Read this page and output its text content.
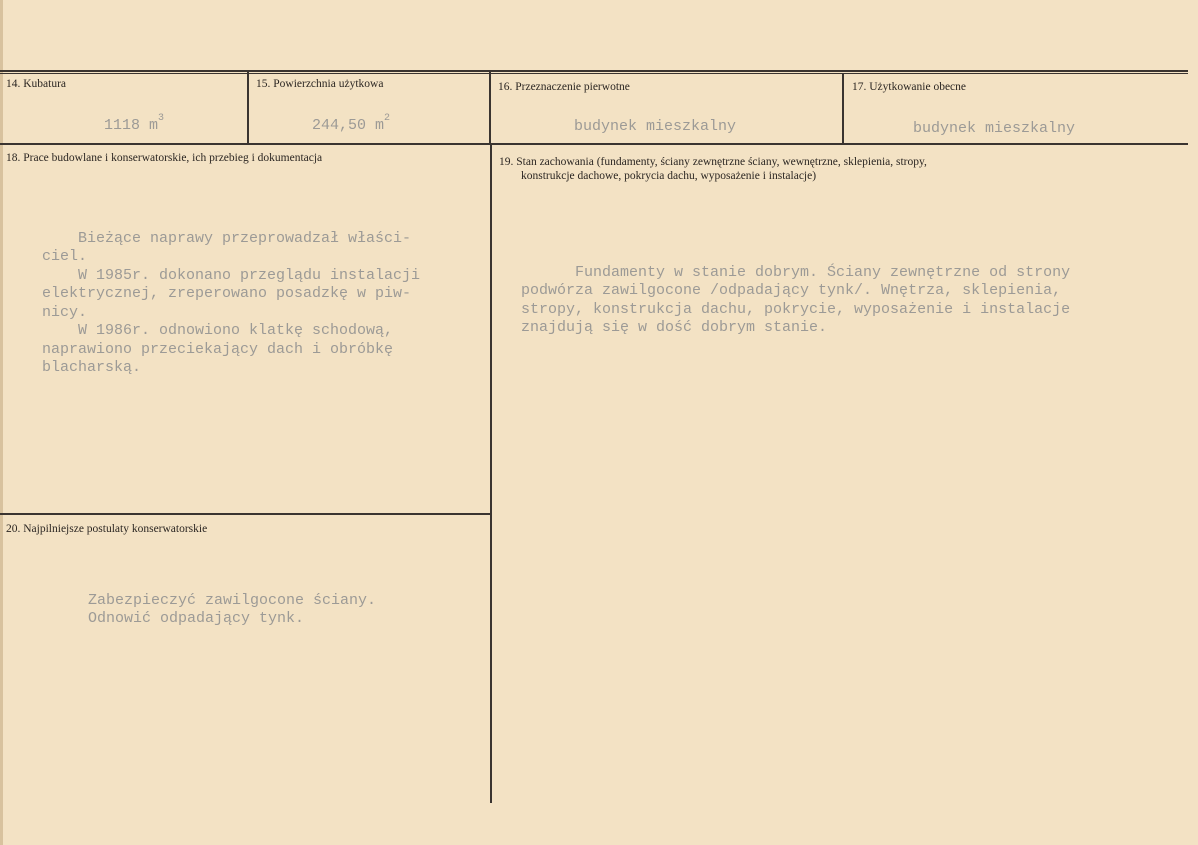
14. Kubatura
1118 $m^3$
15. Powierzchnia użytkowa
244,50 $m^2$
16. Przeznaczenie pierwotne
budynek mieszkalny
17. Użytkowanie obecne
budynek mieszkalny
18. Prace budowlane i konserwatorskie, ich przebieg i dokumentacja

Bieżące naprawy przeprowadzał właści-
ciel.
W 1985r. dokonano przeglądu instalacji
elektrycznej, zreperowano posadzkę w piw-
nicy.
W 1986r. odnowiono klatkę schodową,
naprawiono przeciekający dach i obróbkę
blacharską.

19. Stan zachowania (fundamenty, ściany zewnętrzne ściany, wewnętrzne, sklepienia, stropy,
konstrukcje dachowe, pokrycia dachu, wyposażenie i instalacje)

Fundamenty w stanie dobrym. Ściany zewnętrzne od strony
podwórza zawilgocone /odpadający tynk/. Wnętrza, sklepienia,
stropy, konstrukcja dachu, pokrycie, wyposażenie i instalacje
znajdują się w dość dobrym stanie.

20. Najpilniejsze postulaty konserwatorskie

Zabezpieczyć zawilgocone ściany.
Odnowić odpadający tynk.
